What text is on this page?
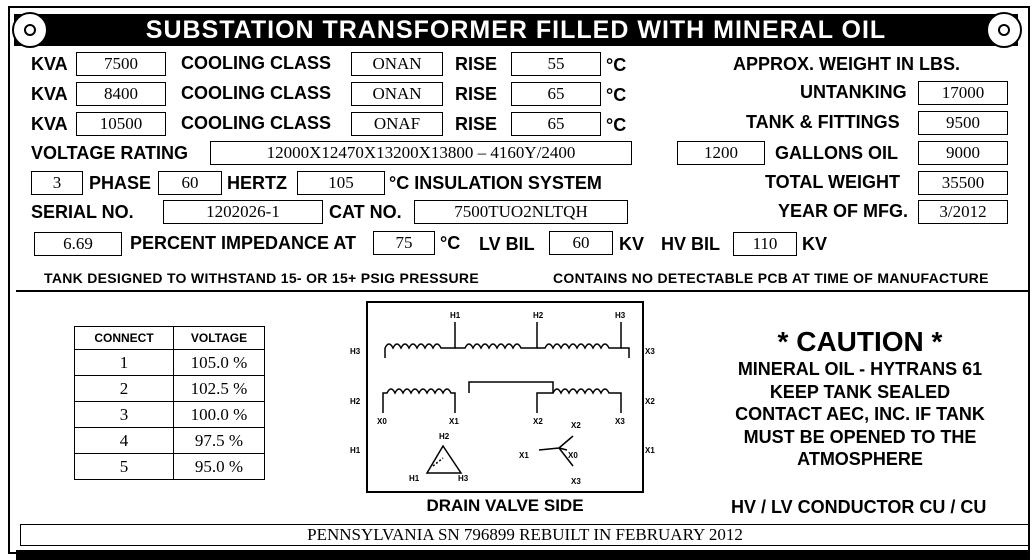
SUBSTATION TRANSFORMER FILLED WITH MINERAL OIL
KVA	7500	COOLING CLASS	ONAN	RISE	55	°C
KVA	8400	COOLING CLASS	ONAN	RISE	65	°C
KVA	10500	COOLING CLASS	ONAF	RISE	65	°C
APPROX. WEIGHT IN LBS.
UNTANKING	17000
TANK & FITTINGS	9500
1200	GALLONS OIL	9000
TOTAL WEIGHT	35500
YEAR OF MFG.	3/2012
VOLTAGE RATING	12000X12470X13200X13800 – 4160Y/2400
3	PHASE	60	HERTZ	105	°C INSULATION SYSTEM
SERIAL NO.	1202026-1	CAT NO.	7500TUO2NLTQH
6.69	PERCENT IMPEDANCE AT	75	°C LV BIL	60	KV HV BIL	110	KV
TANK DESIGNED TO WITHSTAND 15- OR 15+ PSIG PRESSURE	CONTAINS NO DETECTABLE PCB AT TIME OF MANUFACTURE
CONNECT	VOLTAGE
1	105.0 %
2	102.5 %
3	100.0 %
4	97.5 %
5	95.0 %
H1	H2	H3
H3
H2
H1
X3
X2
X1
X0	X1	X2	X3
H2
H1	H3
X2
X1	X0
X3
DRAIN VALVE SIDE
* CAUTION *
MINERAL OIL - HYTRANS 61
KEEP TANK SEALED
CONTACT AEC, INC. IF TANK
MUST BE OPENED TO THE
ATMOSPHERE
HV / LV CONDUCTOR CU / CU
PENNSYLVANIA SN 796899 REBUILT IN FEBRUARY 2012
